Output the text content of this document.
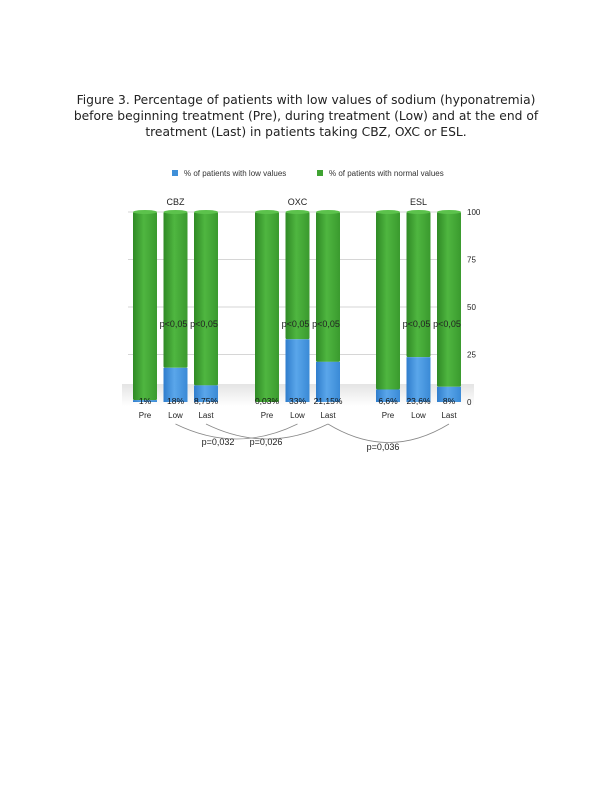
Figure 3. Percentage of patients with low values of sodium (hyponatremia) before beginning treatment (Pre), during treatment (Low) and at the end of treatment (Last) in patients taking CBZ, OXC or ESL.
% of patients with low values	% of patients with normal values
0
25
50
75
100
CBZ
1%
Pre
18%
Low
8,75%
Last
OXC
0,03%
Pre
33%
Low
21,15%
Last
ESL
6,6%
Pre
23,6%
Low
8%
Last
p<0,05 p<0,05	p<0,05 p<0,05	p<0,05 p<0,05
p=0,032 p=0,026	p=0,036
